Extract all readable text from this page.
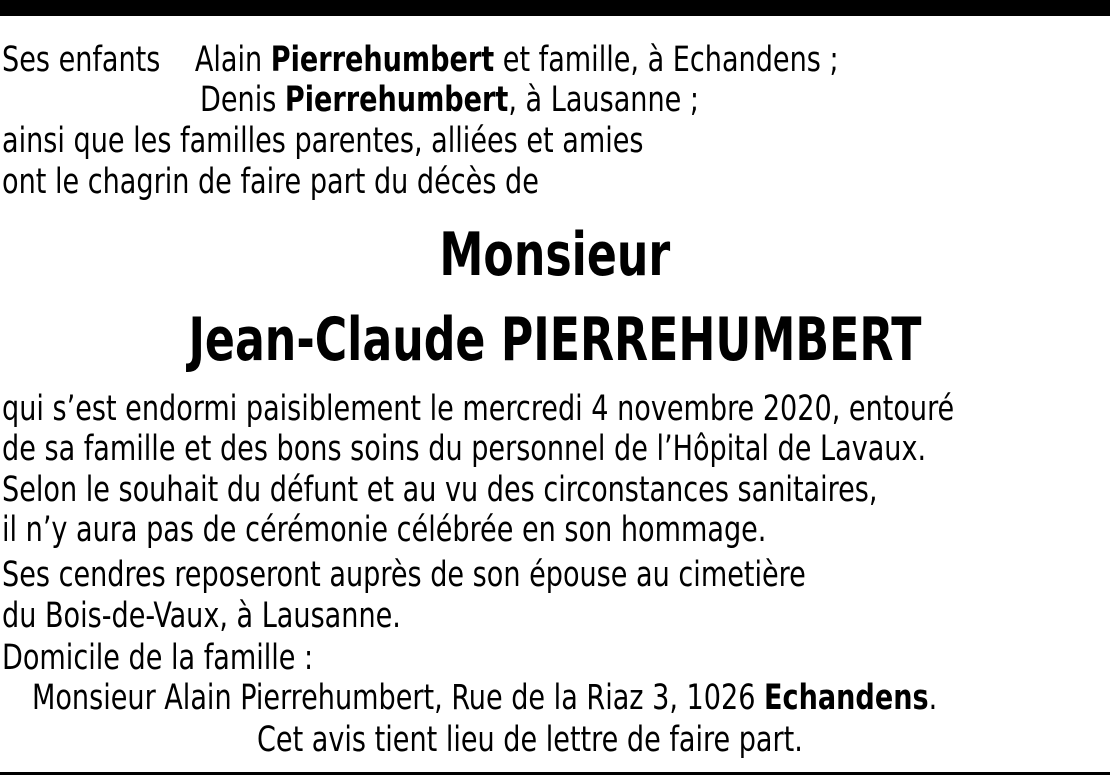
Ses enfants Alain Pierrehumbert et famille, à Echandens ;
Denis Pierrehumbert, à Lausanne ;
ainsi que les familles parentes, alliées et amies
ont le chagrin de faire part du décès de
Monsieur
Jean-Claude PIERREHUMBERT
qui s’est endormi paisiblement le mercredi 4 novembre 2020, entouré
de sa famille et des bons soins du personnel de l’Hôpital de Lavaux.
Selon le souhait du défunt et au vu des circonstances sanitaires,
il n’y aura pas de cérémonie célébrée en son hommage.
Ses cendres reposeront auprès de son épouse au cimetière
du Bois-de-Vaux, à Lausanne.
Domicile de la famille :
Monsieur Alain Pierrehumbert, Rue de la Riaz 3, 1026 Echandens.
Cet avis tient lieu de lettre de faire part.
